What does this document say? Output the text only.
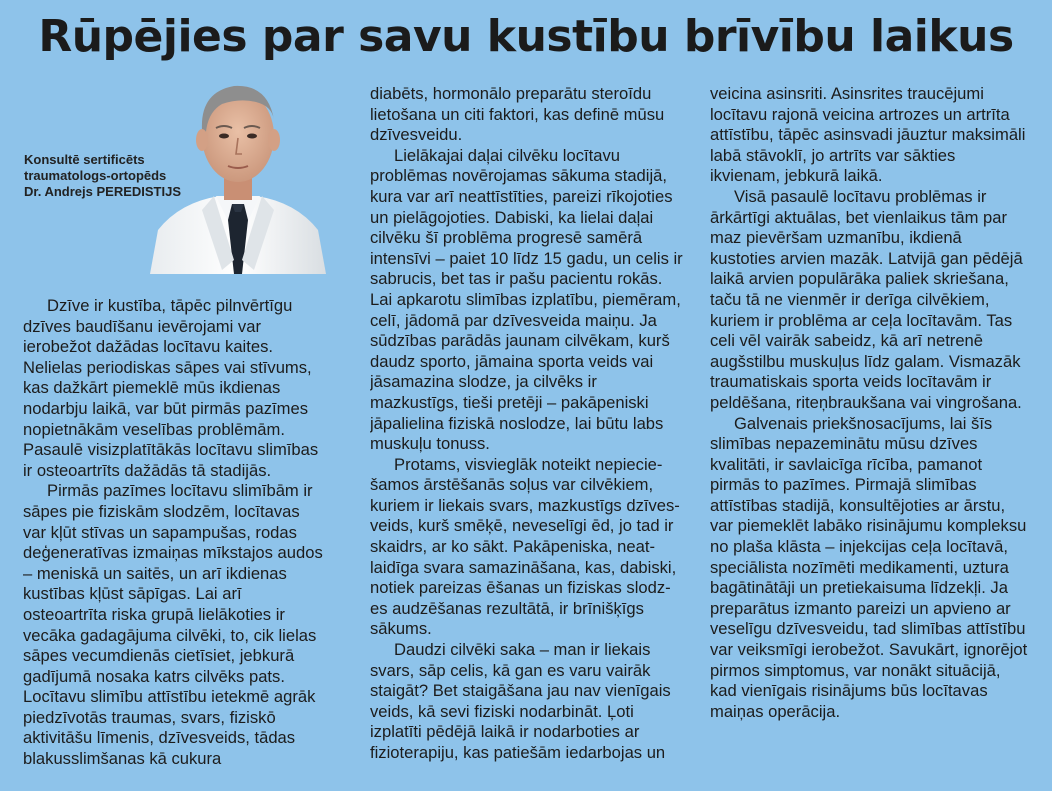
Rūpējies par savu kustību brīvību laikus
Konsultē sertificēts
traumatologs-ortopēds
Dr. Andrejs PEREDISTIJS

Dzīve ir kustība, tāpēc pilnvērtīgu dzīves baudīšanu ievērojami var ierobežot dažādas locītavu kaites. Nelielas periodiskas sāpes vai stīvums, kas dažkārt piemeklē mūs ikdienas nodarbju laikā, var būt pirmās pazīmes nopietnākām veselības problēmām. Pasaulē visizplatītākās locītavu slimības ir osteoartrīts dažādās tā stadijās.

Pirmās pazīmes locītavu slimībām ir sāpes pie fiziskām slodzēm, locītavas var kļūt stīvas un sapampušas, rodas deģeneratīvas izmaiņas mīkstajos audos – meniskā un saitēs, un arī ikdienas kustības kļūst sāpīgas. Lai arī osteoartrīta riska grupā lielākoties ir vecāka gadagājuma cilvēki, to, cik lielas sāpes vecumdienās cietīsiet, jebkurā gadījumā nosaka katrs cilvēks pats. Locītavu slimību attīstību ietekmē agrāk piedzīvotās traumas, svars, fiziskō aktivitāšu līmenis, dzīvesveids, tādas blakusslimšanas kā cukura

diabēts, hormonālo preparātu steroīdu lietošana un citi faktori, kas definē mūsu dzīvesveidu.

Lielākajai daļai cilvēku locītavu problēmas novērojamas sākuma stadijā, kura var arī neattīstīties, pareizi rīkojoties un pielāgojoties. Dabiski, ka lielai daļai cilvēku šī problēma progresē samērā intensīvi – paiet 10 līdz 15 gadu, un celis ir sabrucis, bet tas ir pašu pacientu rokās. Lai apkarotu slimības izplatību, piemēram, celī, jādomā par dzīvesveida maiņu. Ja sūdzības parādās jaunam cilvēkam, kurš daudz sporto, jāmaina sporta veids vai jāsamazina slodze, ja cilvēks ir mazkustīgs, tieši pretēji – pakāpeniski jāpalielina fiziskā noslodze, lai būtu labs muskuļu tonuss.

Protams, visvieglāk noteikt nepiecie-šamos ārstēšanās soļus var cilvēkiem, kuriem ir liekais svars, mazkustīgs dzīves-veids, kurš smēķē, neveselīgi ēd, jo tad ir skaidrs, ar ko sākt. Pakāpeniska, neat-laidīga svara samazināšana, kas, dabiski, notiek pareizas ēšanas un fiziskas slodz-es audzēšanas rezultātā, ir brīnišķīgs sākums.

Daudzi cilvēki saka – man ir liekais svars, sāp celis, kā gan es varu vairāk staigāt? Bet staigāšana jau nav vienīgais veids, kā sevi fiziski nodarbināt. Ļoti izplatīti pēdējā laikā ir nodarboties ar fizioterapiju, kas patiešām iedarbojas un

veicina asinsriti. Asinsrites traucējumi locītavu rajonā veicina artrozes un artrīta attīstību, tāpēc asinsvadi jāuztur maksimāli labā stāvoklī, jo artrīts var sākties ikvienam, jebkurā laikā.

Visā pasaulē locītavu problēmas ir ārkārtīgi aktuālas, bet vienlaikus tām par maz pievēršam uzmanību, ikdienā kustoties arvien mazāk. Latvijā gan pēdējā laikā arvien populārāka paliek skriešana, taču tā ne vienmēr ir derīga cilvēkiem, kuriem ir problēma ar ceļa locītavām. Tas celi vēl vairāk sabeidz, kā arī netrenē augšstilbu muskuļus līdz galam. Vismazāk traumatiskais sporta veids locītavām ir peldēšana, riteņbraukšana vai vingrošana.

Galvenais priekšnosacījums, lai šīs slimības nepazeminātu mūsu dzīves kvalitāti, ir savlaicīga rīcība, pamanot pirmās to pazīmes. Pirmajā slimības attīstības stadijā, konsultējoties ar ārstu, var piemeklēt labāko risinājumu kompleksu no plaša klāsta – injekcijas ceļa locītavā, speciālista nozīmēti medikamenti, uztura bagātinātāji un pretiekaisuma līdzekļi. Ja preparātus izmanto pareizi un apvieno ar veselīgu dzīvesveidu, tad slimības attīstību var veiksmīgi ierobežot. Savukārt, ignorējot pirmos simptomus, var nonākt situācijā, kad vienīgais risinājums būs locītavas maiņas operācija.
